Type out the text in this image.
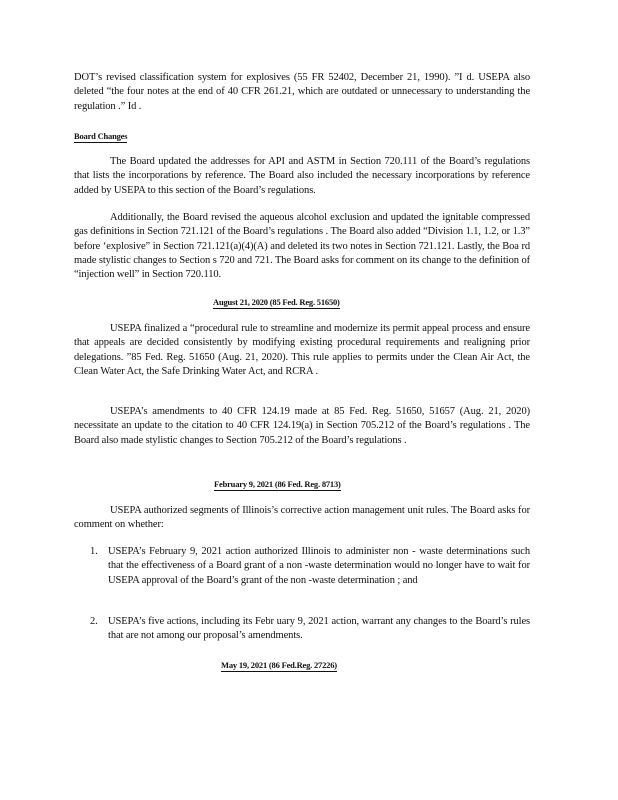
DOT’s revised classification system for explosives (55 FR 52402, December 21, 1990). ”I d. USEPA also deleted “the four notes at the end of 40 CFR 261.21, which are outdated or unnecessary to understanding the regulation .” Id .

Board Changes

The Board updated the addresses for API and ASTM in Section 720.111 of the Board’s regulations that lists the incorporations by reference. The Board also included the necessary incorporations by reference added by USEPA to this section of the Board’s regulations.

Additionally, the Board revised the aqueous alcohol exclusion and updated the ignitable compressed gas definitions in Section 721.121 of the Board’s regulations . The Board also added “Division 1.1, 1.2, or 1.3” before ‘explosive” in Section 721.121(a)(4)(A) and deleted its two notes in Section 721.121. Lastly, the Boa rd made stylistic changes to Section s 720 and 721. The Board asks for comment on its change to the definition of “injection well” in Section 720.110.

August 21, 2020 (85 Fed. Reg. 51650)

USEPA finalized a “procedural rule to streamline and modernize its permit appeal process and ensure that appeals are decided consistently by modifying existing procedural requirements and realigning prior delegations. ”85 Fed. Reg. 51650 (Aug. 21, 2020). This rule applies to permits under the Clean Air Act, the Clean Water Act, the Safe Drinking Water Act, and RCRA .

USEPA’s amendments to 40 CFR 124.19 made at 85 Fed. Reg. 51650, 51657 (Aug. 21, 2020) necessitate an update to the citation to 40 CFR 124.19(a) in Section 705.212 of the Board’s regulations . The Board also made stylistic changes to Section 705.212 of the Board’s regulations .

February 9, 2021 (86 Fed. Reg. 8713)

USEPA authorized segments of Illinois’s corrective action management unit rules. The Board asks for comment on whether:

1. USEPA’s February 9, 2021 action authorized Illinois to administer non - waste determinations such that the effectiveness of a Board grant of a non -waste determination would no longer have to wait for USEPA approval of the Board’s grant of the non -waste determination ; and
2. USEPA’s five actions, including its Febr uary 9, 2021 action, warrant any changes to the Board’s rules that are not among our proposal’s amendments.

May 19, 2021 (86 Fed.Reg. 27226)
